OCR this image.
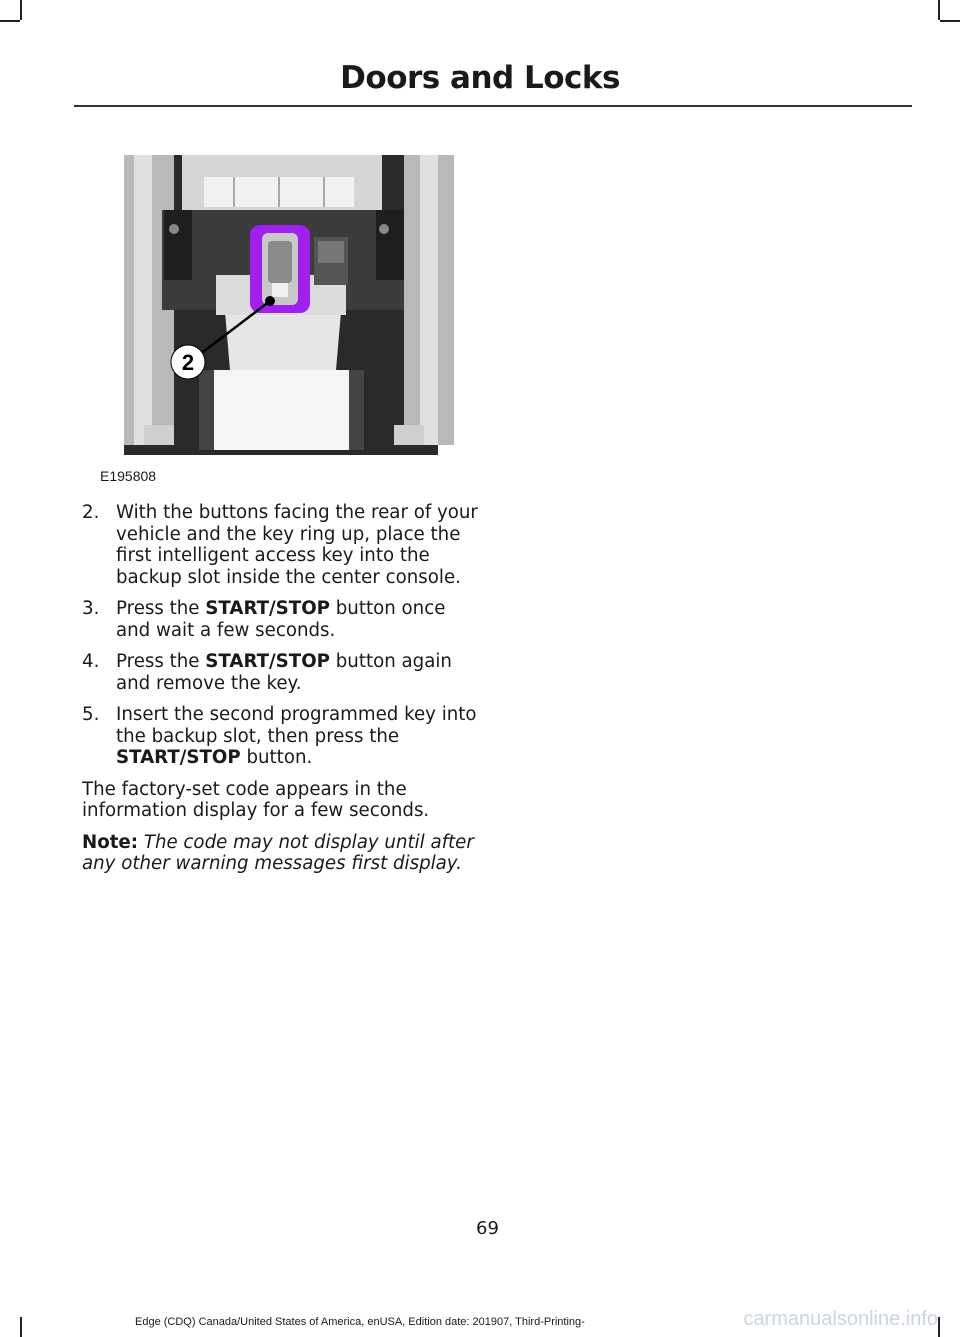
Doors and Locks
2
E195808
2. With the buttons facing the rear of your vehicle and the key ring up, place the first intelligent access key into the backup slot inside the center console.
3. Press the START/STOP button once and wait a few seconds.
4. Press the START/STOP button again and remove the key.
5. Insert the second programmed key into the backup slot, then press the START/STOP button.

The factory-set code appears in the information display for a few seconds.

Note: The code may not display until after any other warning messages first display.

69
Edge (CDQ) Canada/United States of America, enUSA, Edition date: 201907, Third-Printing-	carmanualsonline.info
